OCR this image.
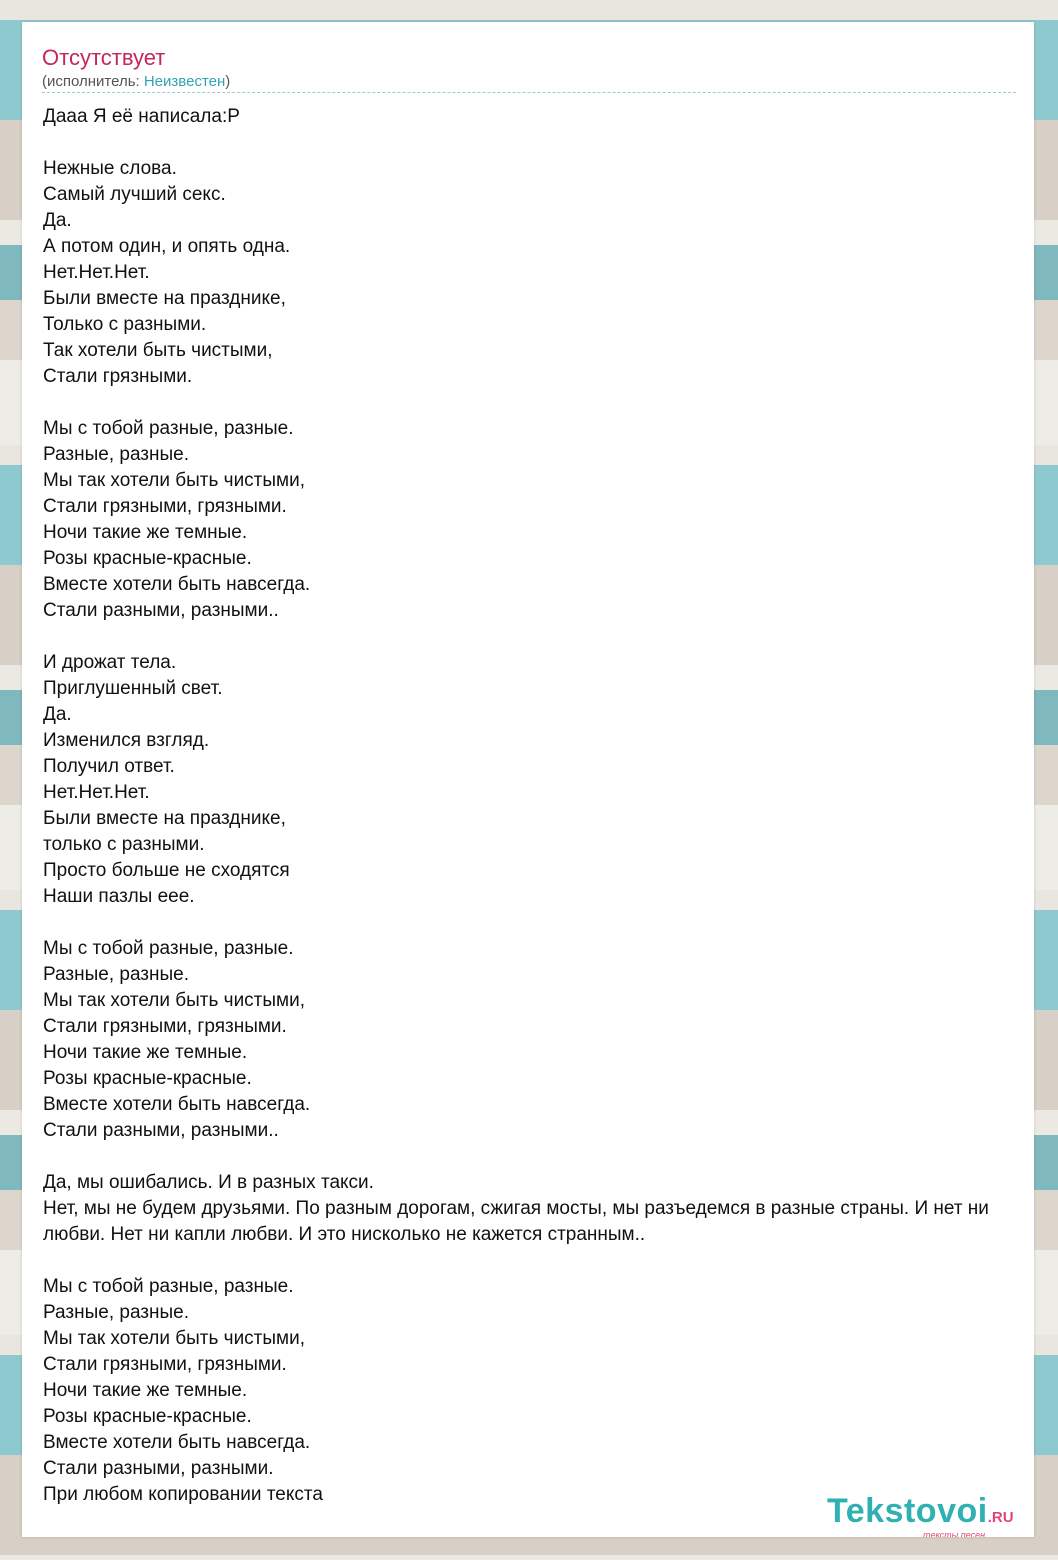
Отсутствует
(исполнитель: Неизвестен)
Дааа Я её написала:Р

Нежные слова.
Самый лучший секс.
Да.
А потом один, и опять одна.
Нет.Нет.Нет.
Были вместе на празднике,
Только с разными.
Так хотели быть чистыми,
Стали грязными.

Мы с тобой разные, разные.
Разные, разные.
Мы так хотели быть чистыми,
Стали грязными, грязными.
Ночи такие же темные.
Розы красные-красные.
Вместе хотели быть навсегда.
Стали разными, разными..

И дрожат тела.
Приглушенный свет.
Да.
Изменился взгляд.
Получил ответ.
Нет.Нет.Нет.
Были вместе на празднике,
только с разными.
Просто больше не сходятся
Наши пазлы еее.

Мы с тобой разные, разные.
Разные, разные.
Мы так хотели быть чистыми,
Стали грязными, грязными.
Ночи такие же темные.
Розы красные-красные.
Вместе хотели быть навсегда.
Стали разными, разными..

Да, мы ошибались. И в разных такси.
Нет, мы не будем друзьями. По разным дорогам, сжигая мосты, мы разъедемся в разные страны. И нет ни
любви. Нет ни капли любви. И это нисколько не кажется странным..

Мы с тобой разные, разные.
Разные, разные.
Мы так хотели быть чистыми,
Стали грязными, грязными.
Ночи такие же темные.
Розы красные-красные.
Вместе хотели быть навсегда.
Стали разными, разными.
При любом копировании текста	Tekstovoi.RU
тексты песен
